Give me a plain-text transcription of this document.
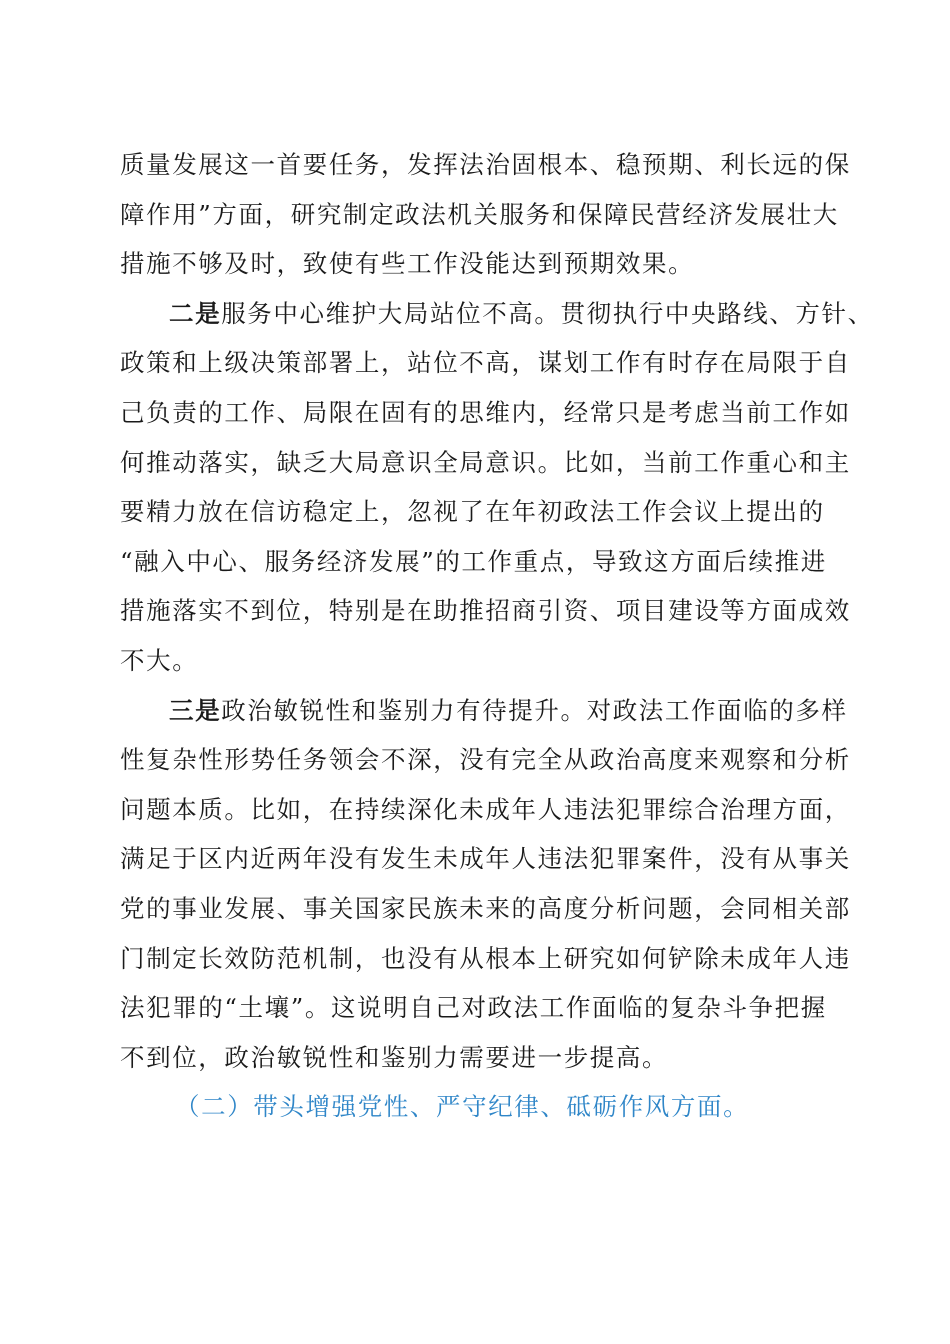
质量发展这一首要任务，发挥法治固根本、稳预期、利长远的保
障作用”方面，研究制定政法机关服务和保障民营经济发展壮大
措施不够及时，致使有些工作没能达到预期效果。
二是服务中心维护大局站位不高。贯彻执行中央路线、方针、
政策和上级决策部署上，站位不高，谋划工作有时存在局限于自
己负责的工作、局限在固有的思维内，经常只是考虑当前工作如
何推动落实，缺乏大局意识全局意识。比如，当前工作重心和主
要精力放在信访稳定上，忽视了在年初政法工作会议上提出的
“融入中心、服务经济发展”的工作重点，导致这方面后续推进
措施落实不到位，特别是在助推招商引资、项目建设等方面成效
不大。
三是政治敏锐性和鉴别力有待提升。对政法工作面临的多样
性复杂性形势任务领会不深，没有完全从政治高度来观察和分析
问题本质。比如，在持续深化未成年人违法犯罪综合治理方面，
满足于区内近两年没有发生未成年人违法犯罪案件，没有从事关
党的事业发展、事关国家民族未来的高度分析问题，会同相关部
门制定长效防范机制，也没有从根本上研究如何铲除未成年人违
法犯罪的“土壤”。这说明自己对政法工作面临的复杂斗争把握
不到位，政治敏锐性和鉴别力需要进一步提高。
（二）带头增强党性、严守纪律、砥砺作风方面。
